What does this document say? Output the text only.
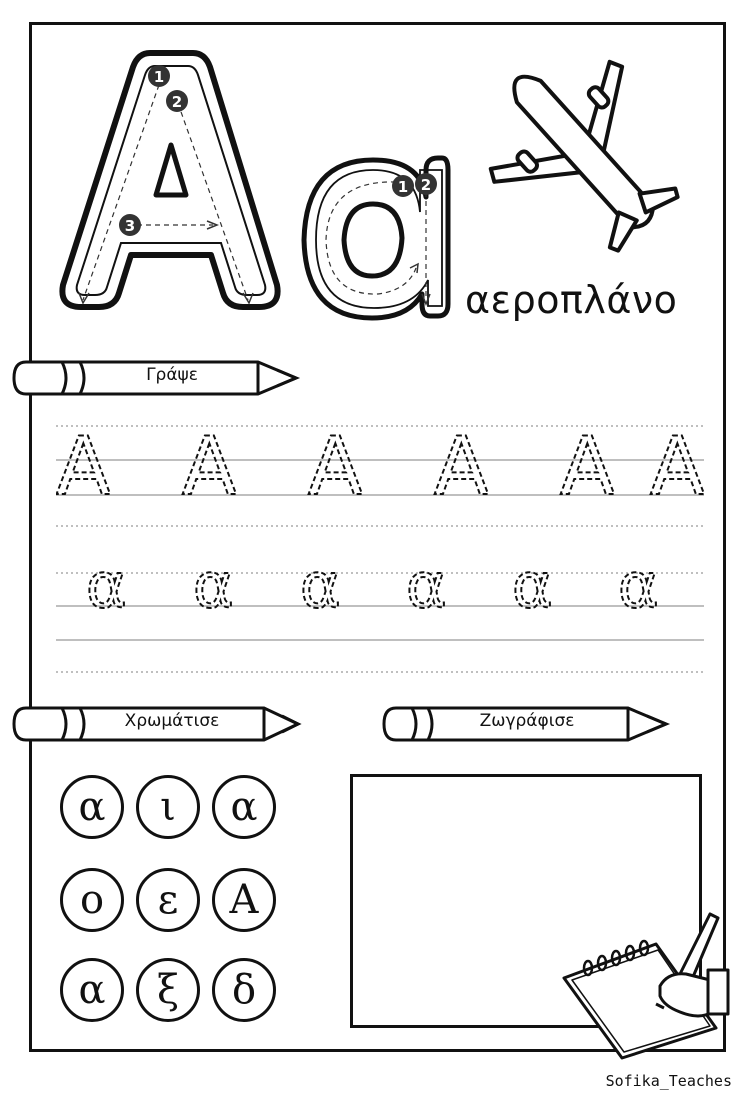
1
2
3
1 2
αεροπλάνο
Γράψε
Α Α Α Α Α Α
α α α α α α
Χρωμάτισε	Ζωγράφισε
α	ι	α
ο	ε	Α
α	ξ	δ
Sofika_Teaches
